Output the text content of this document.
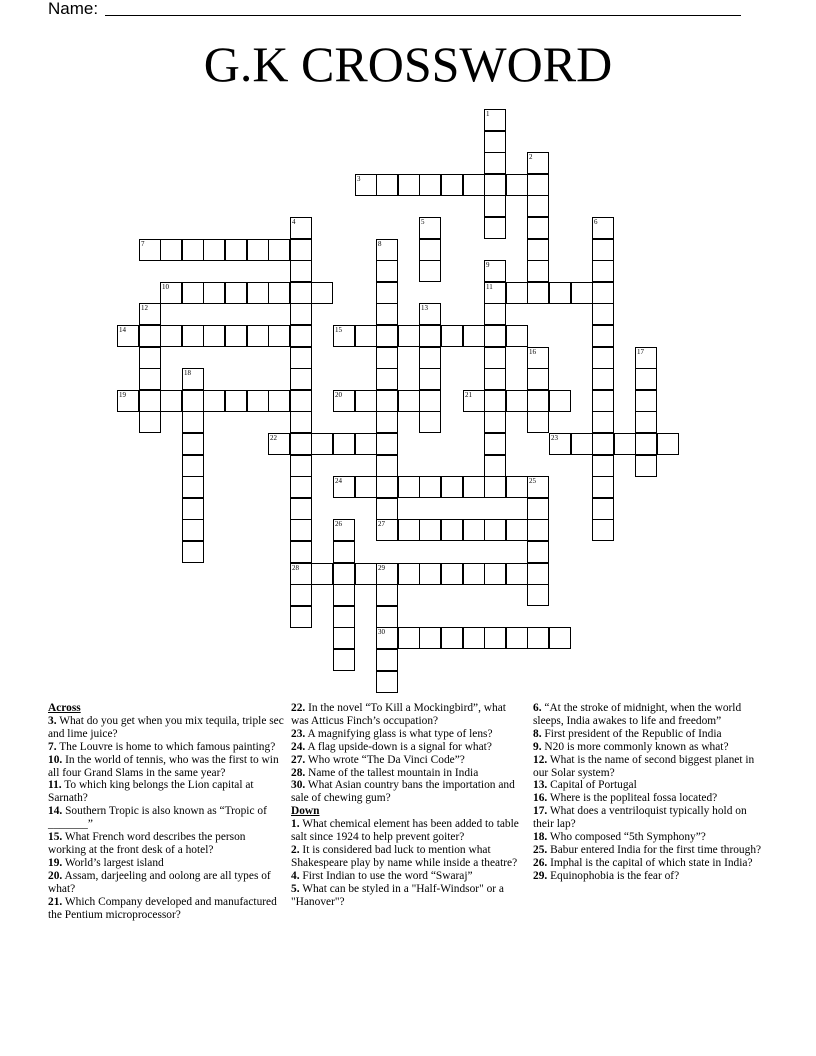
Name:
G.K CROSSWORD
1
2
3
4
28
5	6
7	8
27
9
11
10
12	13
14	15
16	17
18
19	20	21
22	23
24	25
26
29
30

Across

3. What do you get when you mix tequila, triple sec and lime juice?

7. The Louvre is home to which famous painting?

10. In the world of tennis, who was the first to win all four Grand Slams in the same year?

11. To which king belongs the Lion capital at Sarnath?

14. Southern Tropic is also known as “Tropic of _______”

15. What French word describes the person working at the front desk of a hotel?

19. World’s largest island

20. Assam, darjeeling and oolong are all types of what?

21. Which Company developed and manufactured the Pentium microprocessor?

22. In the novel “To Kill a Mockingbird”, what was Atticus Finch’s occupation?

23. A magnifying glass is what type of lens?

24. A flag upside-down is a signal for what?

27. Who wrote “The Da Vinci Code”?

28. Name of the tallest mountain in India

30. What Asian country bans the importation and sale of chewing gum?

Down

1. What chemical element has been added to table salt since 1924 to help prevent goiter?

2. It is considered bad luck to mention what Shakespeare play by name while inside a theatre?

4. First Indian to use the word “Swaraj”

5. What can be styled in a "Half-Windsor" or a "Hanover"?

6. “At the stroke of midnight, when the world sleeps, India awakes to life and freedom”

8. First president of the Republic of India

9. N20 is more commonly known as what?

12. What is the name of second biggest planet in our Solar system?

13. Capital of Portugal

16. Where is the popliteal fossa located?

17. What does a ventriloquist typically hold on their lap?

18. Who composed “5th Symphony”?

25. Babur entered India for the first time through?

26. Imphal is the capital of which state in India?

29. Equinophobia is the fear of?
